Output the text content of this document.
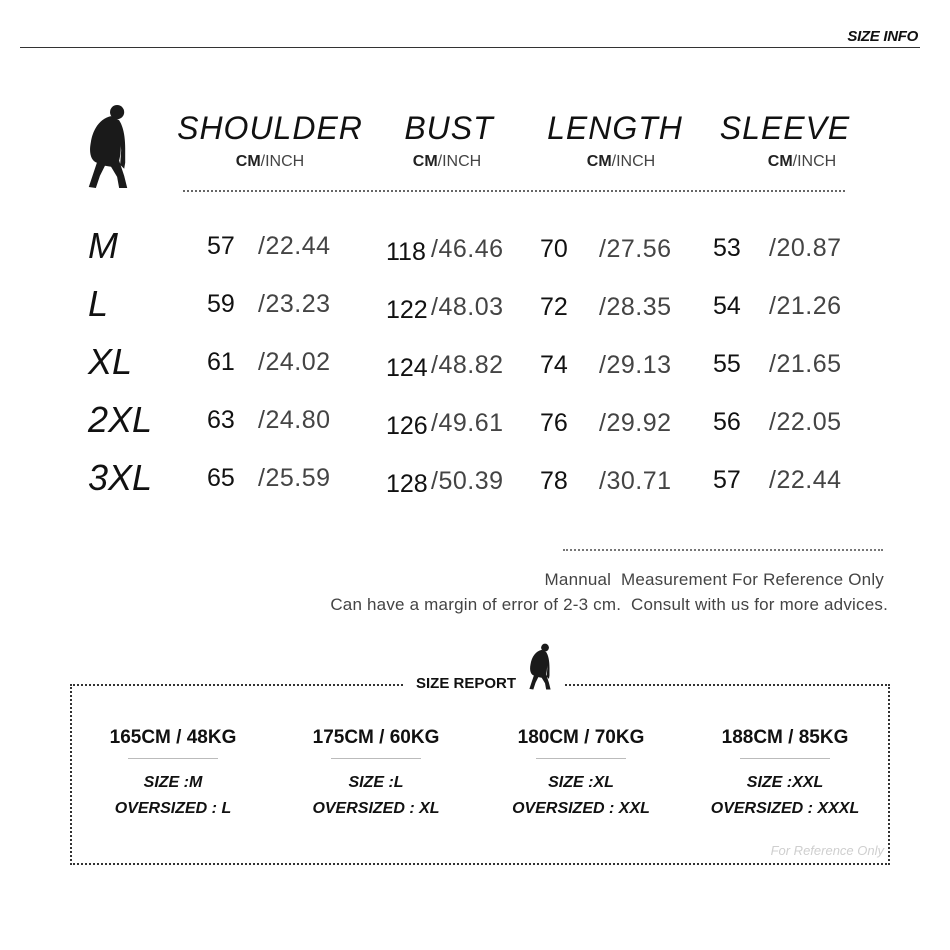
SIZE INFO
SHOULDER	BUST	LENGTH	SLEEVE
CM/INCH	CM/INCH	CM/INCH	CM/INCH
M	57 /22.44 118 /46.46 70 /27.56 53 /20.87
L	59 /23.23 122 /48.03 72 /28.35 54 /21.26
XL	61 /24.02 124 /48.82 74 /29.13 55 /21.65
2XL 63 /24.80 126 /49.61 76 /29.92 56 /22.05
3XL 65 /25.59 128 /50.39 78 /30.71 57 /22.44
Mannual  Measurement For Reference Only
Can have a margin of error of 2-3 cm.  Consult with us for more advices.
SIZE REPORT
165CM / 48KG
SIZE :M
OVERSIZED : L
175CM / 60KG
SIZE :L
OVERSIZED : XL
180CM / 70KG
SIZE :XL
OVERSIZED : XXL
188CM / 85KG
SIZE :XXL
OVERSIZED : XXXL
For Reference Only
